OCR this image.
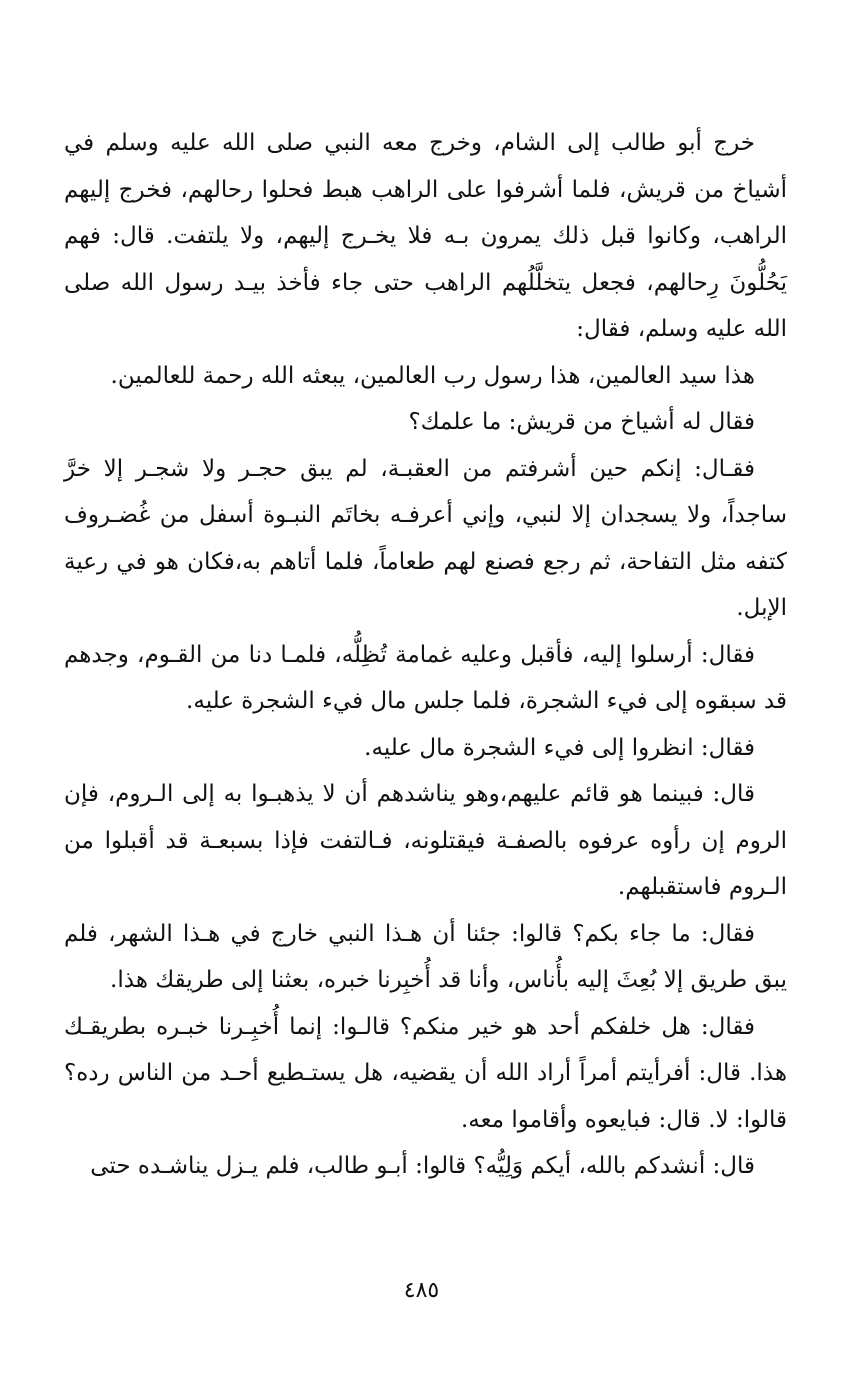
خرج أبو طالب إلى الشام، وخرج معه النبي صلى الله عليه وسلم في أشياخ من قريش، فلما أشرفوا على الراهب هبط فحلوا رحالهم، فخرج إليهم الراهب، وكانوا قبل ذلك يمرون بـه فلا يخـرج إليهم، ولا يلتفت. قال: فهم يَحُلُّونَ رِحالهم، فجعل يتخلَّلُهم الراهب حتى جاء فأخذ بيـد رسول الله صلى الله عليه وسلم، فقال:

هذا سيد العالمين، هذا رسول رب العالمين، يبعثه الله رحمة للعالمين.

فقال له أشياخ من قريش: ما علمك؟

فقـال: إنكم حين أشرفتم من العقبـة، لم يبق حجـر ولا شجـر إلا خرَّ ساجداً، ولا يسجدان إلا لنبي، وإني أعرفـه بخاتَم النبـوة أسفل من غُضـروف كتفه مثل التفاحة، ثم رجع فصنع لهم طعاماً، فلما أتاهم به،فكان هو في رعية الإبل.

فقال: أرسلوا إليه، فأقبل وعليه غمامة تُظِلُّه، فلمـا دنا من القـوم، وجدهم قد سبقوه إلى فيء الشجرة، فلما جلس مال فيء الشجرة عليه.

فقال: انظروا إلى فيء الشجرة مال عليه.

قال: فبينما هو قائم عليهم،وهو يناشدهم أن لا يذهبـوا به إلى الـروم، فإن الروم إن رأوه عرفوه بالصفـة فيقتلونه، فـالتفت فإذا بسبعـة قد أقبلوا من الـروم فاستقبلهم.

فقال: ما جاء بكم؟ قالوا: جئنا أن هـذا النبي خارج في هـذا الشهر، فلم يبق طريق إلا بُعِثَ إليه بأُناس، وأنا قد أُخبِرنا خبره، بعثنا إلى طريقك هذا.

فقال: هل خلفكم أحد هو خير منكم؟ قالـوا: إنما أُخبِـرنا خبـره بطريقـك هذا. قال: أفرأيتم أمراً أراد الله أن يقضيه، هل يستـطيع أحـد من الناس رده؟ قالوا: لا. قال: فبايعوه وأقاموا معه.

قال: أنشدكم بالله، أيكم وَلِيُّه؟ قالوا: أبـو طالب، فلم يـزل يناشـده حتى

٤٨٥
